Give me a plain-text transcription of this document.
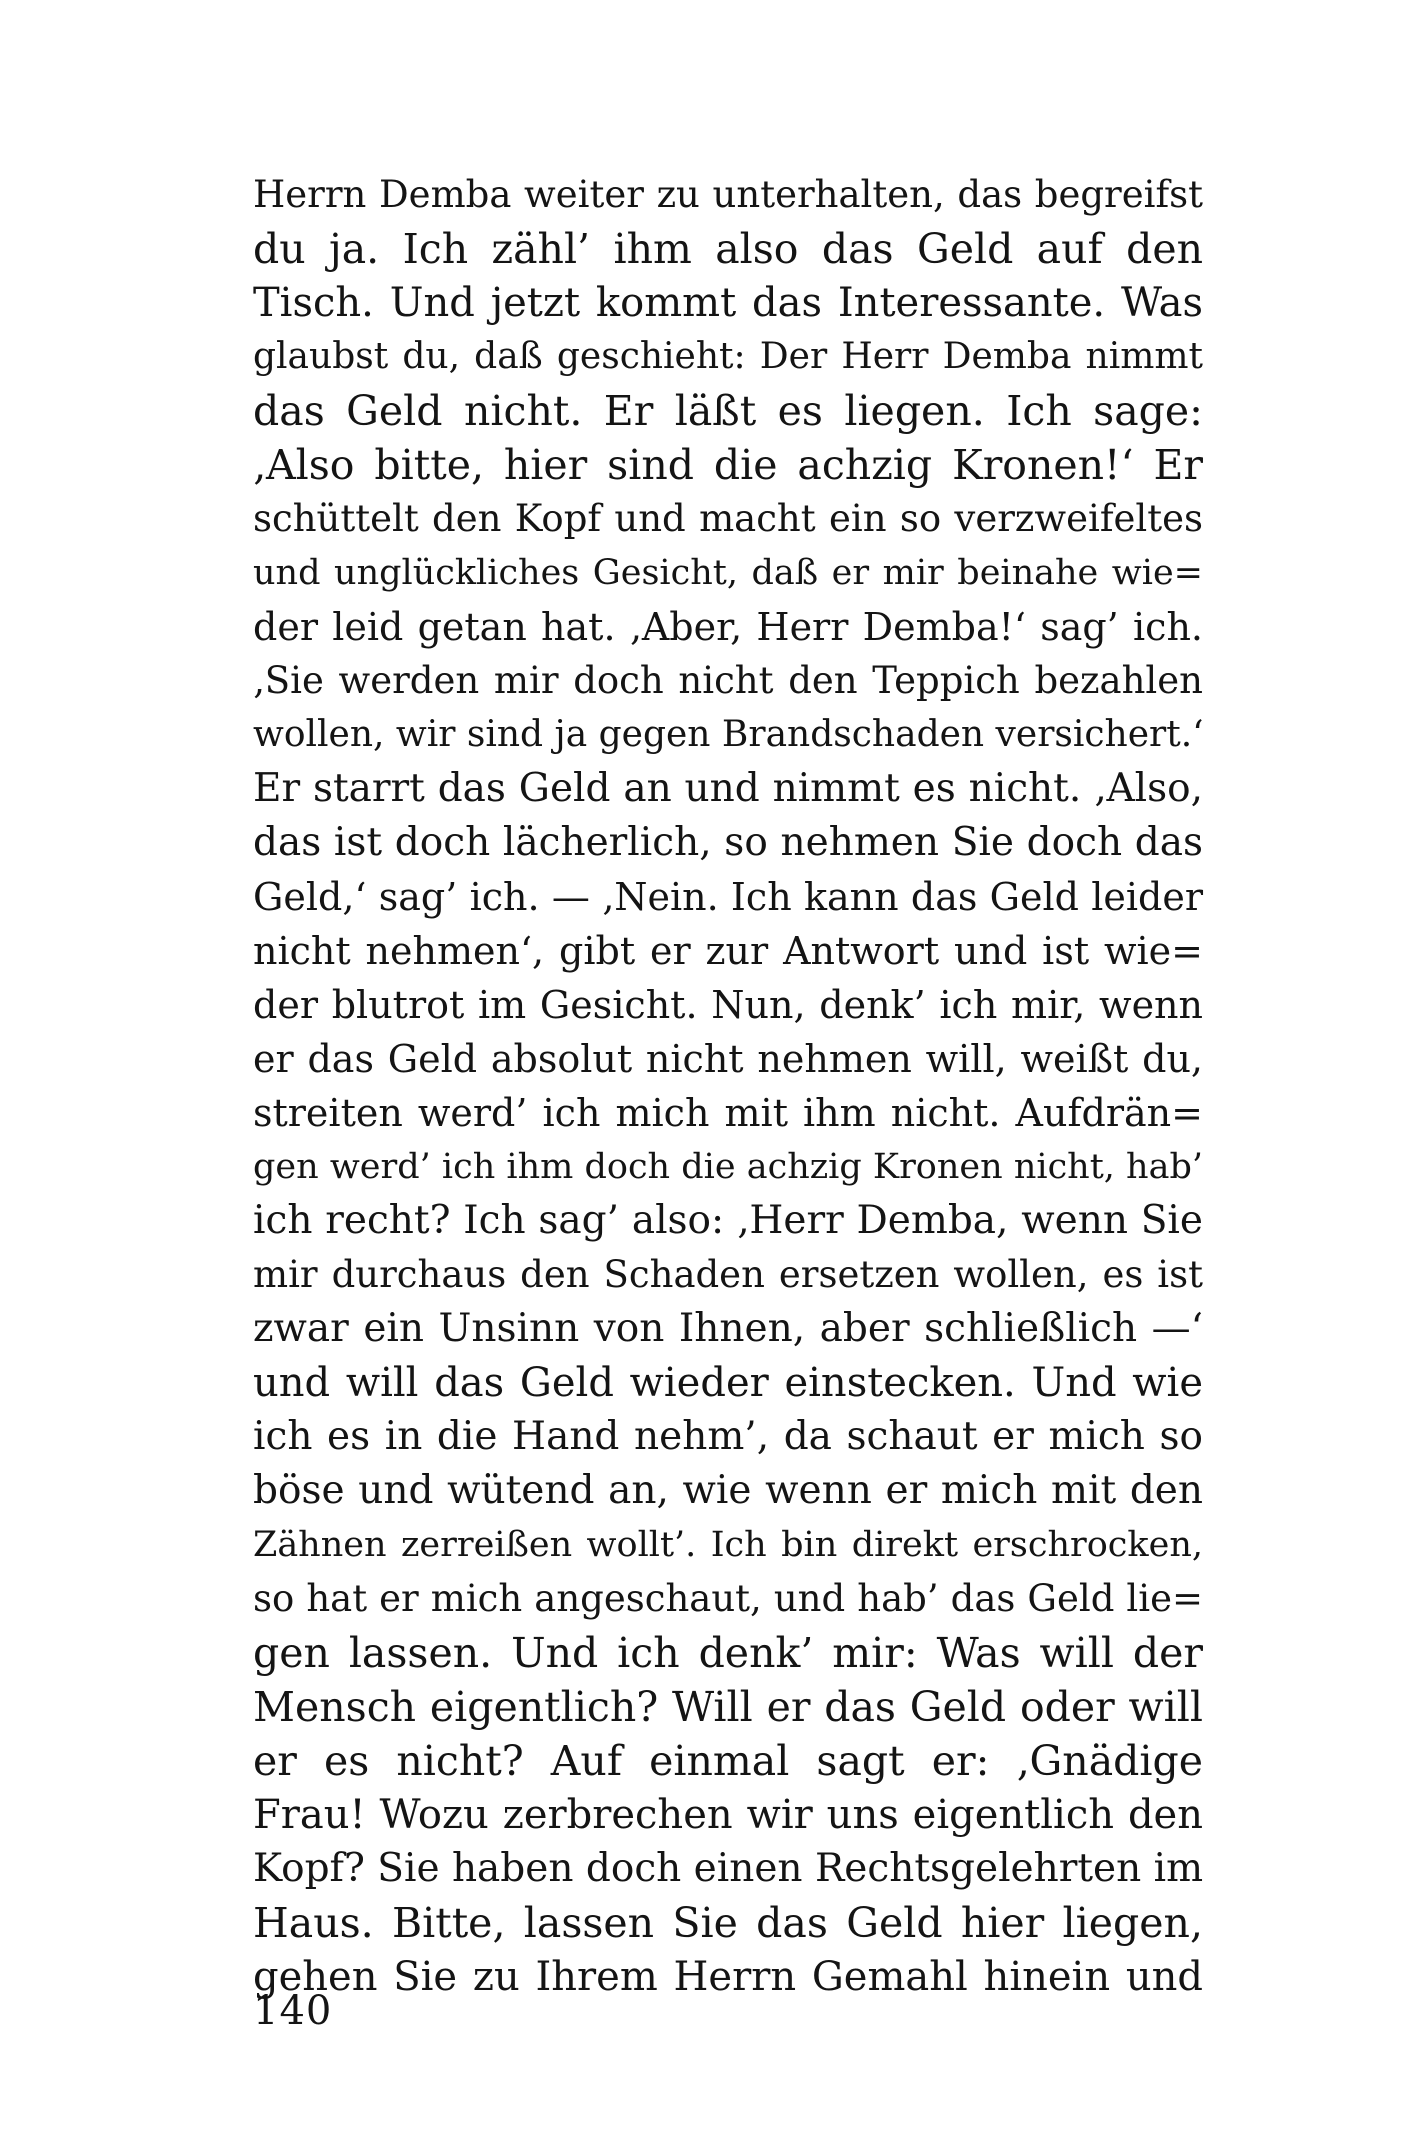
Herrn Demba weiter zu unterhalten, das begreifst
du ja. Ich zähl’ ihm also das Geld auf den
Tisch. Und jetzt kommt das Interessante. Was
glaubst du, daß geschieht: Der Herr Demba nimmt
das Geld nicht. Er läßt es liegen. Ich sage:
‚Also bitte, hier sind die achzig Kronen!‘ Er
schüttelt den Kopf und macht ein so verzweifeltes
und unglückliches Gesicht, daß er mir beinahe wie=
der leid getan hat. ‚Aber, Herr Demba!‘ sag’ ich.
‚Sie werden mir doch nicht den Teppich bezahlen
wollen, wir sind ja gegen Brandschaden versichert.‘
Er starrt das Geld an und nimmt es nicht. ‚Also,
das ist doch lächerlich, so nehmen Sie doch das
Geld,‘ sag’ ich. — ‚Nein. Ich kann das Geld leider
nicht nehmen‘, gibt er zur Antwort und ist wie=
der blutrot im Gesicht. Nun, denk’ ich mir, wenn
er das Geld absolut nicht nehmen will, weißt du,
streiten werd’ ich mich mit ihm nicht. Aufdrän=
gen werd’ ich ihm doch die achzig Kronen nicht, hab’
ich recht? Ich sag’ also: ‚Herr Demba, wenn Sie
mir durchaus den Schaden ersetzen wollen, es ist
zwar ein Unsinn von Ihnen, aber schließlich —‘
und will das Geld wieder einstecken. Und wie
ich es in die Hand nehm’, da schaut er mich so
böse und wütend an, wie wenn er mich mit den
Zähnen zerreißen wollt’. Ich bin direkt erschrocken,
so hat er mich angeschaut, und hab’ das Geld lie=
gen lassen. Und ich denk’ mir: Was will der
Mensch eigentlich? Will er das Geld oder will
er es nicht? Auf einmal sagt er: ‚Gnädige
Frau! Wozu zerbrechen wir uns eigentlich den
Kopf? Sie haben doch einen Rechtsgelehrten im
Haus. Bitte, lassen Sie das Geld hier liegen,
gehen Sie zu Ihrem Herrn Gemahl hinein und
140
